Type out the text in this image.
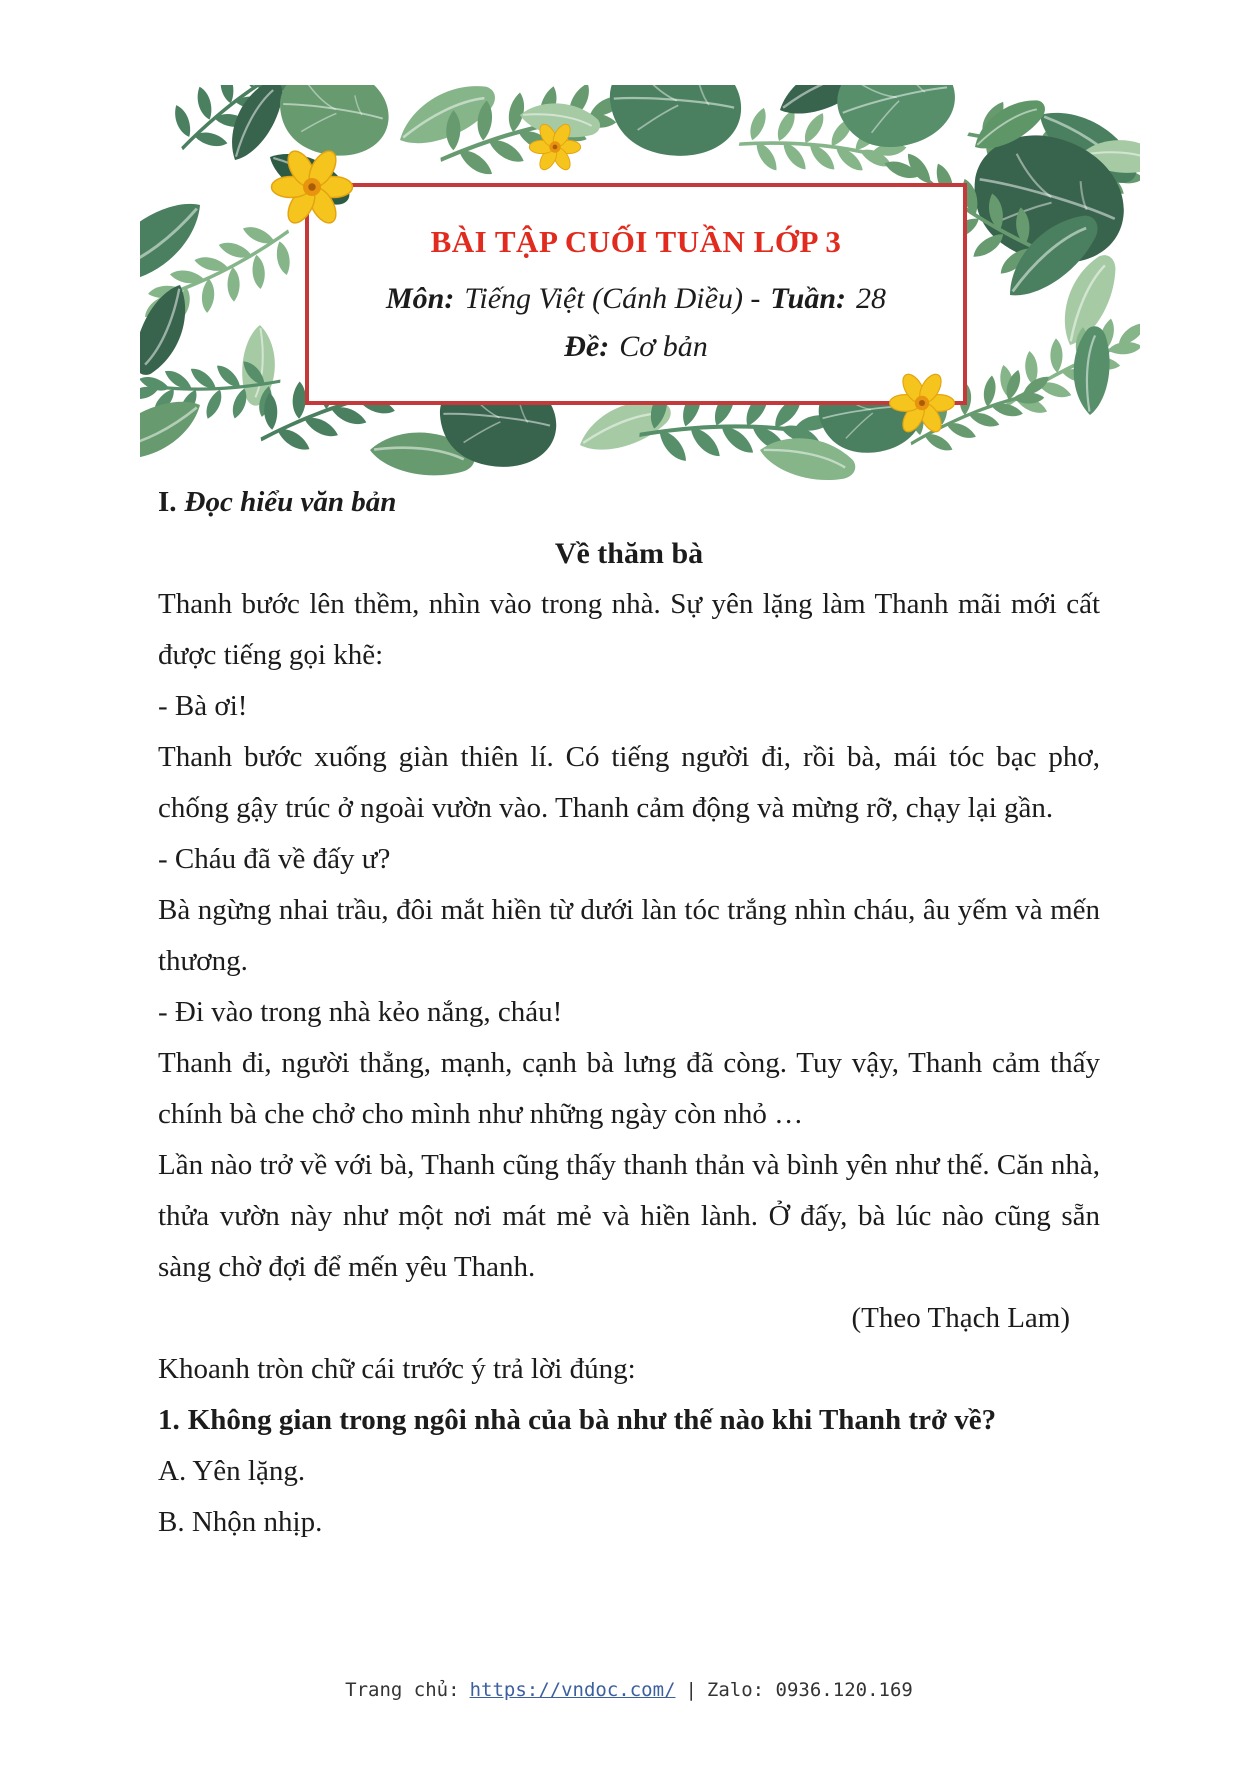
BÀI TẬP CUỐI TUẦN LỚP 3
Môn: Tiếng Việt (Cánh Diều) - Tuần: 28
Đề: Cơ bản
I. Đọc hiểu văn bản
Về thăm bà

Thanh bước lên thềm, nhìn vào trong nhà. Sự yên lặng làm Thanh mãi mới cất được tiếng gọi khẽ:

- Bà ơi!

Thanh bước xuống giàn thiên lí. Có tiếng người đi, rồi bà, mái tóc bạc phơ, chống gậy trúc ở ngoài vườn vào. Thanh cảm động và mừng rỡ, chạy lại gần.

- Cháu đã về đấy ư?

Bà ngừng nhai trầu, đôi mắt hiền từ dưới làn tóc trắng nhìn cháu, âu yếm và mến thương.

- Đi vào trong nhà kẻo nắng, cháu!

Thanh đi, người thẳng, mạnh, cạnh bà lưng đã còng. Tuy vậy, Thanh cảm thấy chính bà che chở cho mình như những ngày còn nhỏ …

Lần nào trở về với bà, Thanh cũng thấy thanh thản và bình yên như thế. Căn nhà, thửa vườn này như một nơi mát mẻ và hiền lành. Ở đấy, bà lúc nào cũng sẵn sàng chờ đợi để mến yêu Thanh.

(Theo Thạch Lam)

Khoanh tròn chữ cái trước ý trả lời đúng:

1. Không gian trong ngôi nhà của bà như thế nào khi Thanh trở về?

A. Yên lặng.

B. Nhộn nhịp.

Trang chủ: https://vndoc.com/ | Zalo: 0936.120.169
